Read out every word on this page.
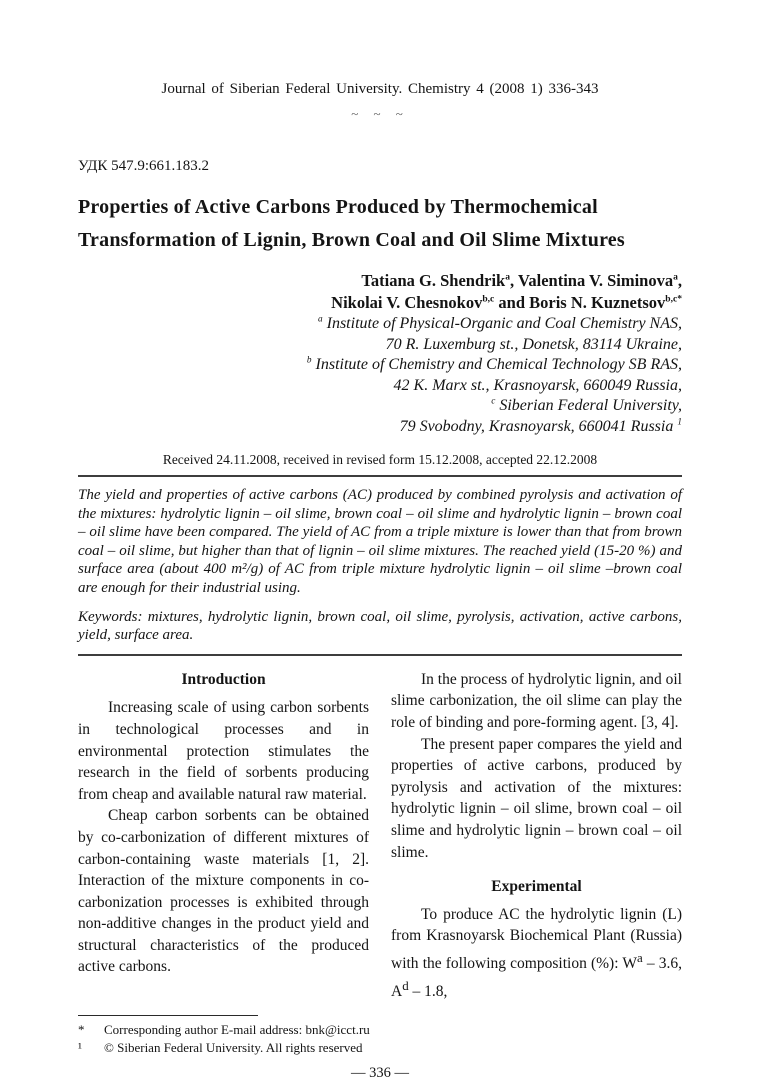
Journal of Siberian Federal University. Chemistry 4 (2008 1) 336-343
~ ~ ~
УДК 547.9:661.183.2
Properties of Active Carbons Produced by Thermochemical
Transformation of Lignin, Brown Coal and Oil Slime Mixtures
Tatiana G. Shendrik$^a$, Valentina V. Siminova$^a$,
Nikolai V. Chesnokov$^{b,c}$ and Boris N. Kuznetsov$^{b,c*}$
$^a$ Institute of Physical-Organic and Coal Chemistry NAS,
70 R. Luxemburg st., Donetsk, 83114 Ukraine,
$^b$ Institute of Chemistry and Chemical Technology SB RAS,
42 K. Marx st., Krasnoyarsk, 660049 Russia,
$^c$ Siberian Federal University,
79 Svobodny, Krasnoyarsk, 660041 Russia $^1$
Received 24.11.2008, received in revised form 15.12.2008, accepted 22.12.2008
The yield and properties of active carbons (AC) produced by combined pyrolysis and activation of the mixtures: hydrolytic lignin – oil slime, brown coal – oil slime and hydrolytic lignin – brown coal – oil slime have been compared. The yield of AC from a triple mixture is lower than that from brown coal – oil slime, but higher than that of lignin – oil slime mixtures. The reached yield (15-20 %) and surface area (about 400 m²/g) of AC from triple mixture hydrolytic lignin – oil slime –brown coal are enough for their industrial using.
Keywords: mixtures, hydrolytic lignin, brown coal, oil slime, pyrolysis, activation, active carbons, yield, surface area.
Introduction

Increasing scale of using carbon sorbents in technological processes and in environmental protection stimulates the research in the field of sorbents producing from cheap and available natural raw material.

Cheap carbon sorbents can be obtained by co-carbonization of different mixtures of carbon-containing waste materials [1, 2]. Interaction of the mixture components in co-carbonization processes is exhibited through non-additive changes in the product yield and structural characteristics of the produced active carbons.

In the process of hydrolytic lignin, and oil slime carbonization, the oil slime can play the role of binding and pore-forming agent. [3, 4].

The present paper compares the yield and properties of active carbons, produced by pyrolysis and activation of the mixtures: hydrolytic lignin – oil slime, brown coal – oil slime and hydrolytic lignin – brown coal – oil slime.

Experimental

To produce AC the hydrolytic lignin (L) from Krasnoyarsk Biochemical Plant (Russia) with the following composition (%): $W^a - 3.6$, $A^d - 1.8$,

*	Corresponding author E-mail address: bnk@icct.ru
¹	© Siberian Federal University. All rights reserved
— 336 —
